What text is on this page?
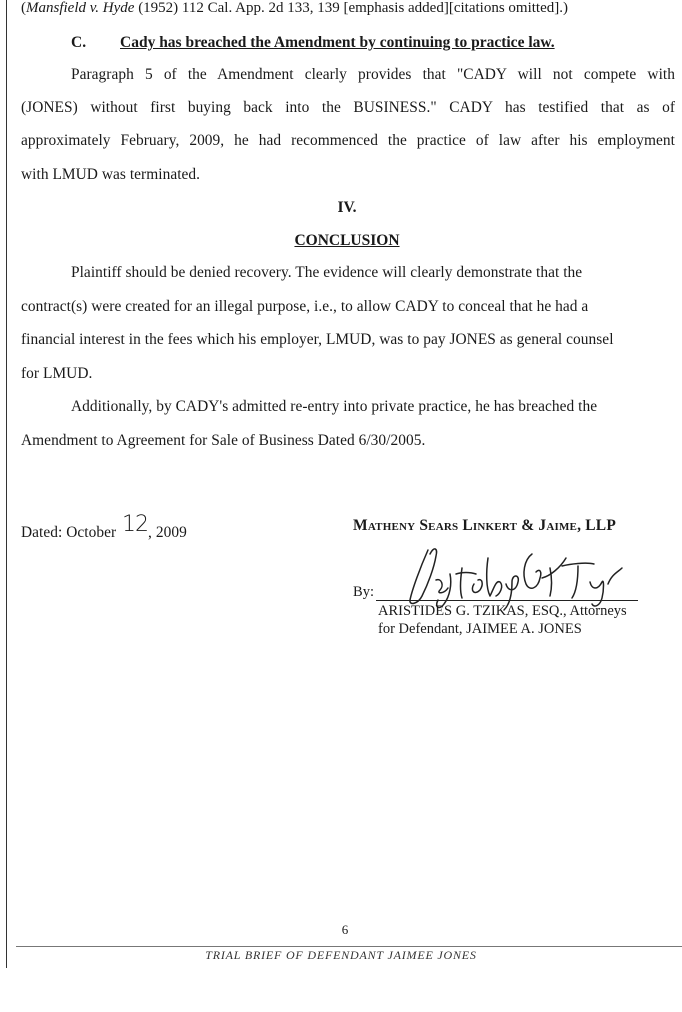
(Mansfield v. Hyde (1952) 112 Cal. App. 2d 133, 139 [emphasis added][citations omitted].)
C. Cady has breached the Amendment by continuing to practice law.
Paragraph 5 of the Amendment clearly provides that "CADY will not compete with
(JONES) without first buying back into the BUSINESS." CADY has testified that as of
approximately February, 2009, he had recommenced the practice of law after his employment
with LMUD was terminated.
IV.
CONCLUSION
Plaintiff should be denied recovery. The evidence will clearly demonstrate that the
contract(s) were created for an illegal purpose, i.e., to allow CADY to conceal that he had a
financial interest in the fees which his employer, LMUD, was to pay JONES as general counsel
for LMUD.
Additionally, by CADY's admitted re-entry into private practice, he has breached the
Amendment to Agreement for Sale of Business Dated 6/30/2005.
Dated: October 12, 2009	Matheny Sears Linkert & Jaime, LLP
By:
ARISTIDES G. TZIKAS, ESQ., Attorneys
for Defendant, JAIMEE A. JONES
6
TRIAL BRIEF OF DEFENDANT JAIMEE JONES
